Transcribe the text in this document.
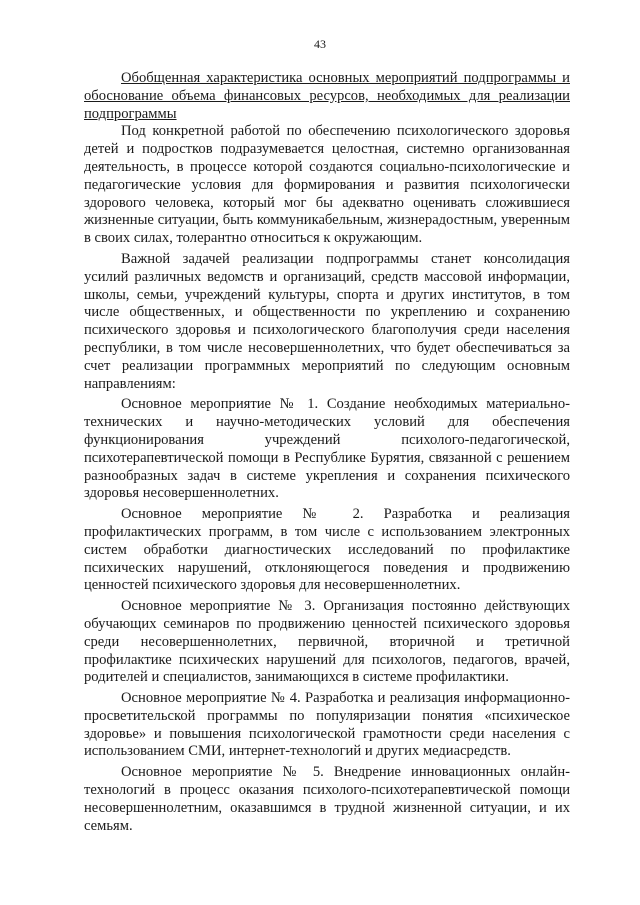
43

Обобщенная характеристика основных мероприятий подпрограммы и обоснование объема финансовых ресурсов, необходимых для реализации подпрограммы

Под конкретной работой по обеспечению психологического здоровья детей и подростков подразумевается целостная, системно организованная деятельность, в процессе которой создаются социально-психологические и педагогические условия для формирования и развития психологически здорового человека, который мог бы адекватно оценивать сложившиеся жизненные ситуации, быть коммуникабельным, жизнерадостным, уверенным в своих силах, толерантно относиться к окружающим.

Важной задачей реализации подпрограммы станет консолидация усилий различных ведомств и организаций, средств массовой информации, школы, семьи, учреждений культуры, спорта и других институтов, в том числе общественных, и общественности по укреплению и сохранению психического здоровья и психологического благополучия среди населения республики, в том числе несовершеннолетних, что будет обеспечиваться за счет реализации программных мероприятий по следующим основным направлениям:

Основное мероприятие № 1. Создание необходимых материально-технических и научно-методических условий для обеспечения функционирования учреждений психолого-педагогической, психотерапевтической помощи в Республике Бурятия, связанной с решением разнообразных задач в системе укрепления и сохранения психического здоровья несовершеннолетних.

Основное мероприятие № 2. Разработка и реализация профилактических программ, в том числе с использованием электронных систем обработки диагностических исследований по профилактике психических нарушений, отклоняющегося поведения и продвижению ценностей психического здоровья для несовершеннолетних.

Основное мероприятие № 3. Организация постоянно действующих обучающих семинаров по продвижению ценностей психического здоровья среди несовершеннолетних, первичной, вторичной и третичной профилактике психических нарушений для психологов, педагогов, врачей, родителей и специалистов, занимающихся в системе профилактики.

Основное мероприятие № 4. Разработка и реализация информационно-просветительской программы по популяризации понятия «психическое здоровье» и повышения психологической грамотности среди населения с использованием СМИ, интернет-технологий и других медиасредств.

Основное мероприятие № 5. Внедрение инновационных онлайн-технологий в процесс оказания психолого-психотерапевтической помощи несовершеннолетним, оказавшимся в трудной жизненной ситуации, и их семьям.
